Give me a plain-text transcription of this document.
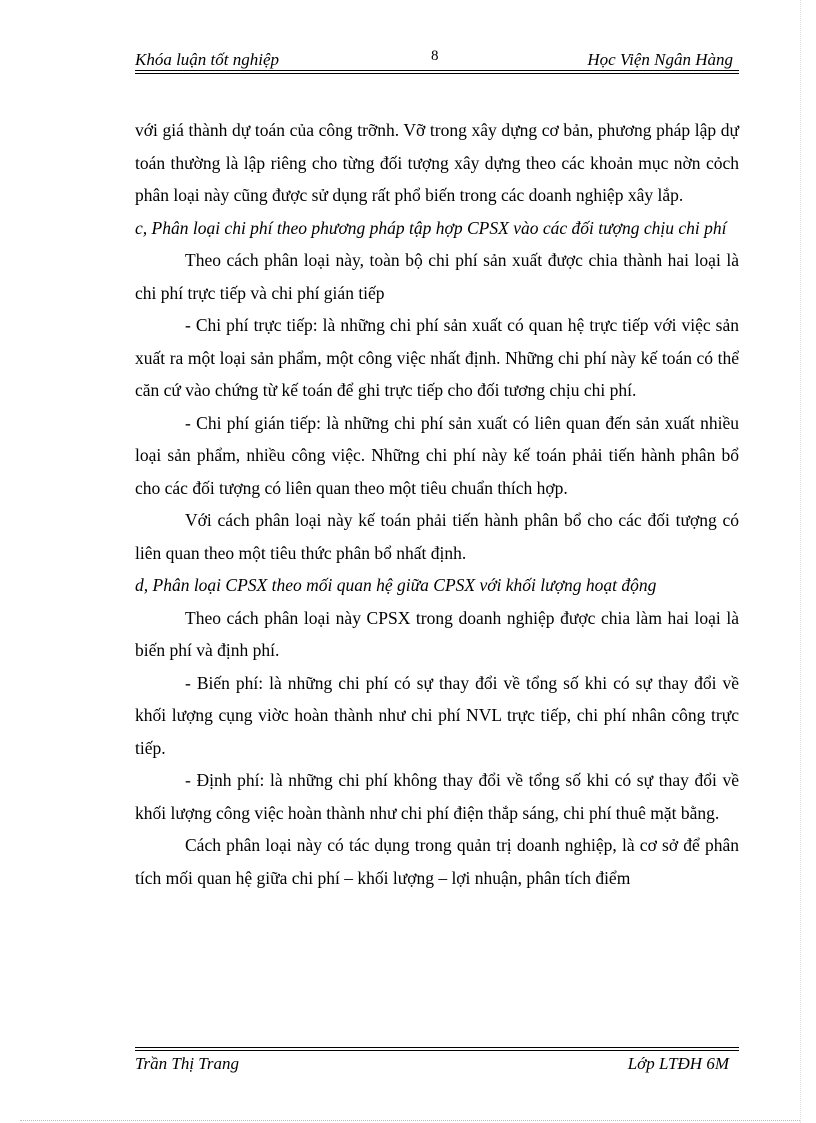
Khóa luận tốt nghiệp	8	Học Viện Ngân Hàng

với giá thành dự toán của công trỡnh. Vỡ trong xây dựng cơ bản, phương pháp lập dự toán thường là lập riêng cho từng đối tượng xây dựng theo các khoản mục nờn cỏch phân loại này cũng được sử dụng rất phổ biến trong các doanh nghiệp xây lắp.

c, Phân loại chi phí theo phương pháp tập hợp CPSX vào các đối tượng chịu chi phí

Theo cách phân loại này, toàn bộ chi phí sản xuất được chia thành hai loại là chi phí trực tiếp và chi phí gián tiếp

- Chi phí trực tiếp: là những chi phí sản xuất có quan hệ trực tiếp với việc sản xuất ra một loại sản phẩm, một công việc nhất định. Những chi phí này kế toán có thể căn cứ vào chứng từ kế toán để ghi trực tiếp cho đối tương chịu chi phí.

- Chi phí gián tiếp: là những chi phí sản xuất có liên quan đến sản xuất nhiều loại sản phẩm, nhiều công việc. Những chi phí này kế toán phải tiến hành phân bổ cho các đối tượng có liên quan theo một tiêu chuẩn thích hợp.

Với cách phân loại này kế toán phải tiến hành phân bổ cho các đối tượng có liên quan theo một tiêu thức phân bổ nhất định.

d, Phân loại CPSX theo mối quan hệ giữa CPSX với khối lượng hoạt động

Theo cách phân loại này CPSX trong doanh nghiệp được chia làm hai loại là biến phí và định phí.

- Biến phí: là những chi phí có sự thay đổi về tổng số khi có sự thay đổi về khối lượng cụng viờc hoàn thành như chi phí NVL trực tiếp, chi phí nhân công trực tiếp.

- Định phí: là những chi phí không thay đổi về tổng số khi có sự thay đổi về khối lượng công việc hoàn thành như chi phí điện thắp sáng, chi phí thuê mặt bằng.

Cách phân loại này có tác dụng trong quản trị doanh nghiệp, là cơ sở để phân tích mối quan hệ giữa chi phí – khối lượng – lợi nhuận, phân tích điểm

Trần Thị Trang	Lớp LTĐH 6M
